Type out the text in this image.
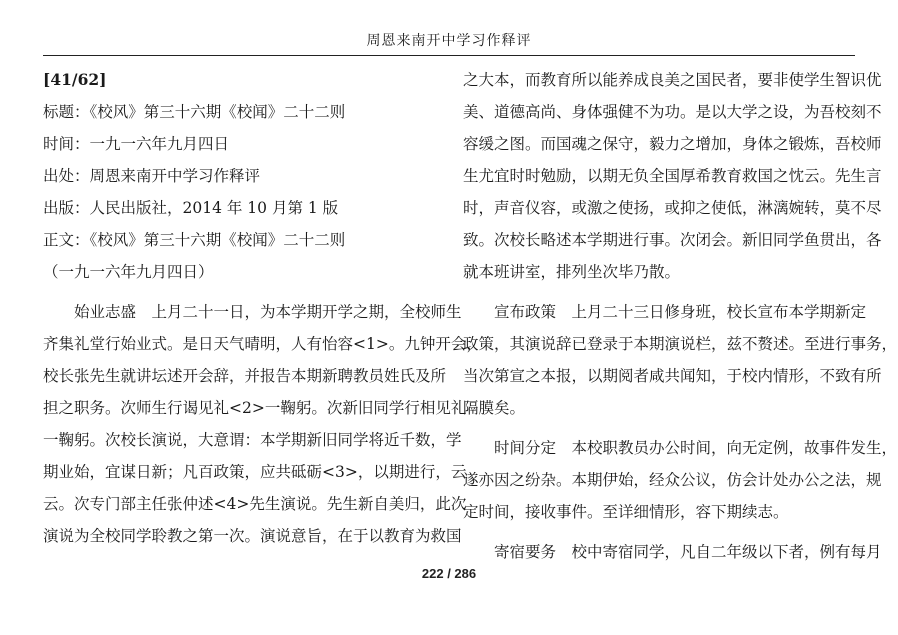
周恩来南开中学习作释评
[41/62]
标题：《校风》第三十六期《校闻》二十二则
时间：一九一六年九月四日
出处：周恩来南开中学习作释评
出版：人民出版社，2014 年 10 月第 1 版
正文：《校风》第三十六期《校闻》二十二则
（一九一六年九月四日）
始业志盛　上月二十一日，为本学期开学之期，全校师生
齐集礼堂行始业式。是日天气晴明，人有怡容<1>。九钟开会，
校长张先生就讲坛述开会辞，并报告本期新聘教员姓氏及所
担之职务。次师生行谒见礼<2>一鞠躬。次新旧同学行相见礼
一鞠躬。次校长演说，大意谓：本学期新旧同学将近千数，学
期业始，宜谋日新；凡百政策，应共砥砺<3>，以期进行，云
云。次专门部主任张仲述<4>先生演说。先生新自美归，此次
演说为全校同学聆教之第一次。演说意旨，在于以教育为救国
之大本，而教育所以能养成良美之国民者，要非使学生智识优
美、道德高尚、身体强健不为功。是以大学之设，为吾校刻不
容缓之图。而国魂之保守，毅力之增加，身体之锻炼，吾校师
生尤宜时时勉励，以期无负全国厚希教育救国之忱云。先生言
时，声音仪容，或激之使扬，或抑之使低，淋漓婉转，莫不尽
致。次校长略述本学期进行事。次闭会。新旧同学鱼贯出，各
就本班讲室，排列坐次毕乃散。
宣布政策　上月二十三日修身班，校长宣布本学期新定
政策，其演说辞已登录于本期演说栏，兹不赘述。至进行事务，
当次第宣之本报，以期阅者咸共闻知，于校内情形，不致有所
隔膜矣。
时间分定　本校职教员办公时间，向无定例，故事件发生，
遂亦因之纷杂。本期伊始，经众公议，仿会计处办公之法，规
定时间，接收事件。至详细情形，容下期续志。
寄宿要务　校中寄宿同学，凡自二年级以下者，例有每月
222 / 286
